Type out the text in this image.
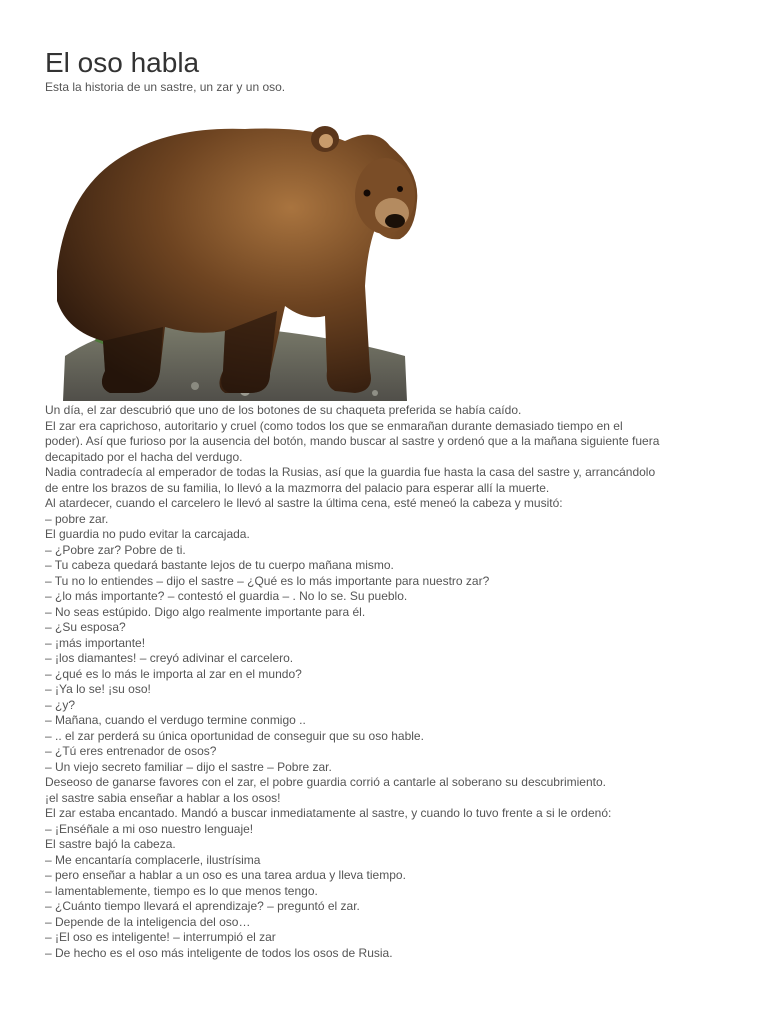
El oso habla

Esta la historia de un sastre, un zar y un oso.

Un día, el zar descubrió que uno de los botones de su chaqueta preferida se había caído.

El zar era caprichoso, autoritario y cruel (como todos los que se enmarañan durante demasiado tiempo en el

poder). Así que furioso por la ausencia del botón, mando buscar al sastre y ordenó que a la mañana siguiente fuera

decapitado por el hacha del verdugo.

Nadia contradecía al emperador de todas la Rusias, así que la guardia fue hasta la casa del sastre y, arrancándolo

de entre los brazos de su familia, lo llevó a la mazmorra del palacio para esperar allí la muerte.

Al atardecer, cuando el carcelero le llevó al sastre la última cena, esté meneó la cabeza y musitó:

– pobre zar.

El guardia no pudo evitar la carcajada.

– ¿Pobre zar? Pobre de ti.

– Tu cabeza quedará bastante lejos de tu cuerpo mañana mismo.

– Tu no lo entiendes – dijo el sastre – ¿Qué es lo más importante para nuestro zar?

– ¿lo más importante? – contestó el guardia – . No lo se. Su pueblo.

– No seas estúpido. Digo algo realmente importante para él.

– ¿Su esposa?

– ¡más importante!

– ¡los diamantes! – creyó adivinar el carcelero.

– ¿qué es lo más le importa al zar en el mundo?

– ¡Ya lo se! ¡su oso!

– ¿y?

– Mañana, cuando el verdugo termine conmigo ..

– .. el zar perderá su única oportunidad de conseguir que su oso hable.

– ¿Tú eres entrenador de osos?

– Un viejo secreto familiar – dijo el sastre – Pobre zar.

Deseoso de ganarse favores con el zar, el pobre guardia corrió a cantarle al soberano su descubrimiento.

¡el sastre sabia enseñar a hablar a los osos!

El zar estaba encantado. Mandó a buscar inmediatamente al sastre, y cuando lo tuvo frente a si le ordenó:

– ¡Enséñale a mi oso nuestro lenguaje!

El sastre bajó la cabeza.

– Me encantaría complacerle, ilustrísima

– pero enseñar a hablar a un oso es una tarea ardua y lleva tiempo.

– lamentablemente, tiempo es lo que menos tengo.

– ¿Cuánto tiempo llevará el aprendizaje? – preguntó el zar.

– Depende de la inteligencia del oso…

– ¡El oso es inteligente! – interrumpió el zar

– De hecho es el oso más inteligente de todos los osos de Rusia.
